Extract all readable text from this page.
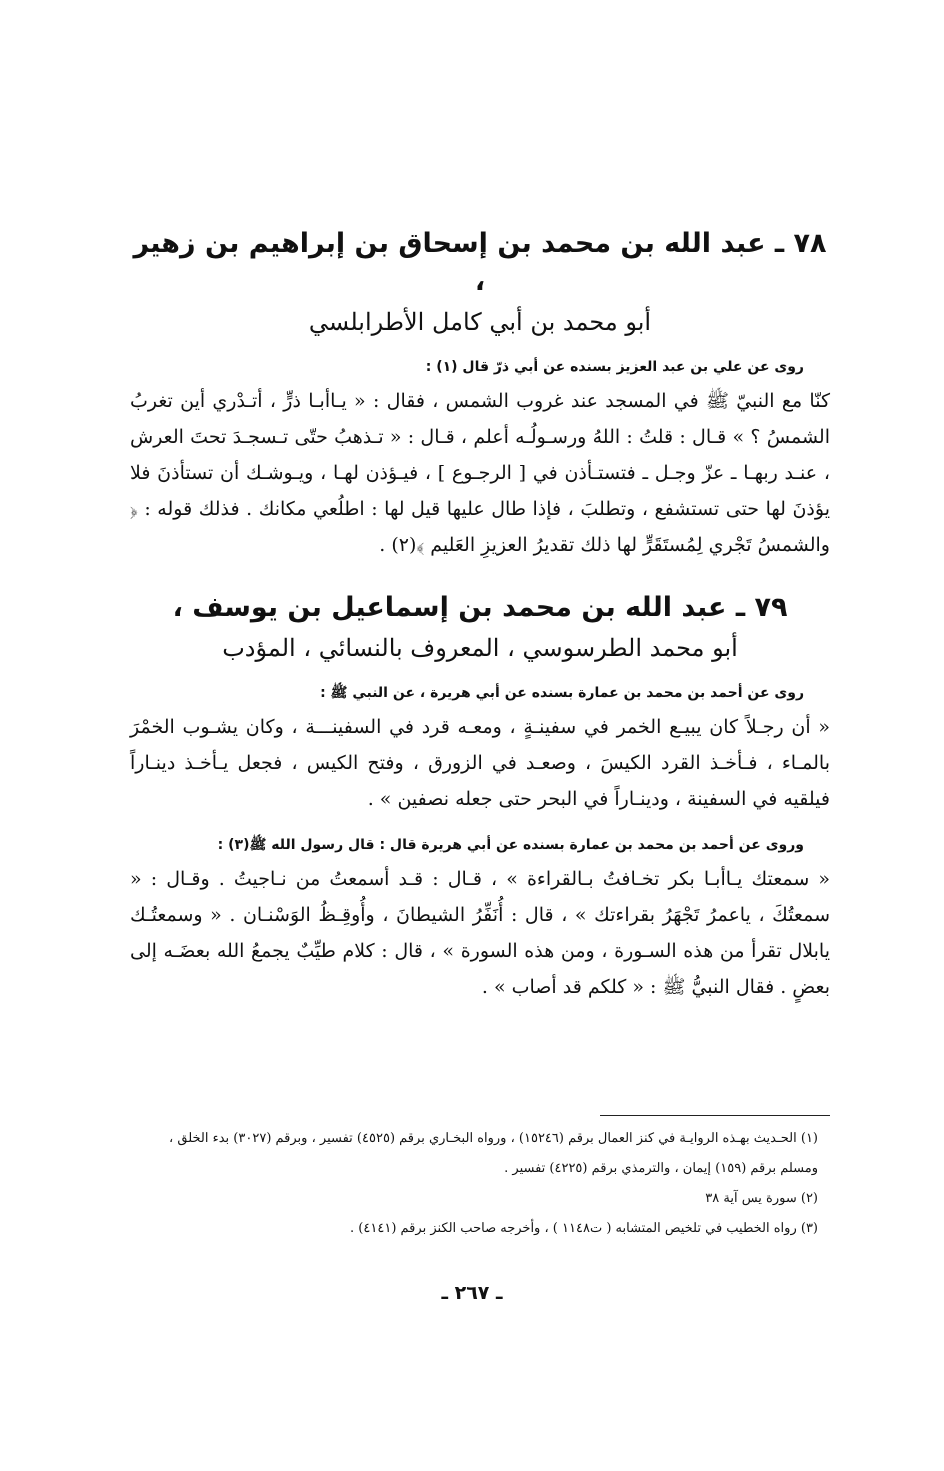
٧٨ ـ عبد الله بن محمد بن إسحاق بن إبراهيم بن زهير ،
أبو محمد بن أبي كامل الأطرابلسي

روى عن علي بن عبد العزيز بسنده عن أبي ذرّ قال (١) :

كنّا مع النبيّ ﷺ في المسجد عند غروب الشمس ، فقال : « يـاأبـا ذرٍّ ، أتـدْري أين تغربُ الشمسُ ؟ » قـال : قلتُ : اللهُ ورسـولُـه أعلم ، قـال : « تـذهبُ حتّى تـسجـدَ تحتَ العرش ، عنـد ربهـا ـ عزّ وجـل ـ فتستـأذن في [ الرجـوع ] ، فيـؤذن لهـا ، ويـوشـك أن تستأذنَ فلا يؤذنَ لها حتى تستشفع ، وتطلبَ ، فإذا طال عليها قيل لها : اطلُعي مكانك . فذلك قوله : ﴿ والشمسُ تَجْري لِمُستَقَرٍّ لها ذلك تقديرُ العزيزِ العَليم ﴾(٢) .

٧٩ ـ عبد الله بن محمد بن إسماعيل بن يوسف ،
أبو محمد الطرسوسي ، المعروف بالنسائي ، المؤدب

روى عن أحمد بن محمد بن عمارة بسنده عن أبي هريرة ، عن النبي ﷺ :

« أن رجـلاً كان يبيـع الخمر في سفينـةٍ ، ومعـه قرد في السفينـــة ، وكان يشـوب الخمْرَ بالمـاء ، فـأخـذ القرد الكيسَ ، وصعـد في الزورق ، وفتح الكيس ، فجعل يـأخـذ دينـاراً فيلقيه في السفينة ، ودينـاراً في البحر حتى جعله نصفين » .

وروى عن أحمد بن محمد بن عمارة بسنده عن أبي هريرة قال : قال رسول الله ﷺ(٣) :

« سمعتك يـاأبـا بكر تخـافتُ بـالقراءة » ، قـال : قـد أسمعتُ من نـاجيتُ . وقـال : « سمعتُكَ ، ياعمرُ تَجْهَرُ بقراءتك » ، قال : أُنَفِّرُ الشيطانَ ، وأُوقِـظُ الوَسْنـان . « وسمعتُـك يابلال تقرأ من هذه السـورة ، ومن هذه السورة » ، قال : كلام طيِّبٌ يجمعُ الله بعضَـه إلى بعضٍ . فقال النبيُّ ﷺ : « كلكم قد أصاب » .

(١) الحـديث بهـذه الروايـة في كنز العمال برقم (١٥٢٤٦) ، ورواه البخـاري برقم (٤٥٢٥) تفسير ، وبرقم (٣٠٢٧) بدء الخلق ، ومسلم برقم (١٥٩) إيمان ، والترمذي برقم (٤٢٢٥) تفسير .

(٢) سورة يس آية ٣٨

(٣) رواه الخطيب في تلخيص المتشابه ( ت١١٤٨ ) ، وأخرجه صاحب الكنز برقم (٤١٤١) .

ـ ٢٦٧ ـ
